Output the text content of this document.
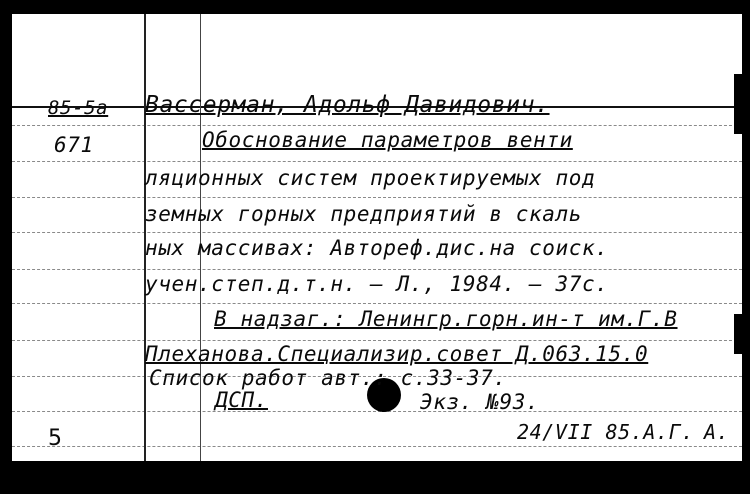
85-5а
671
5
Вассерман, Адольф Давидович.
Обоснование параметров венти
ляционных систем проектируемых под
земных горных предприятий в скаль
ных массивах: Автореф.дис.на соиск.
учен.степ.д.т.н. – Л., 1984. – 37с.
В надзаг.: Ленингр.горн.ин-т им.Г.В
Плеханова.Специализир.совет Д.063.15.0
Список работ авт.: с.33-37.
ДСП.	Экз. №93.
24/VII 85.А.Г. А.
